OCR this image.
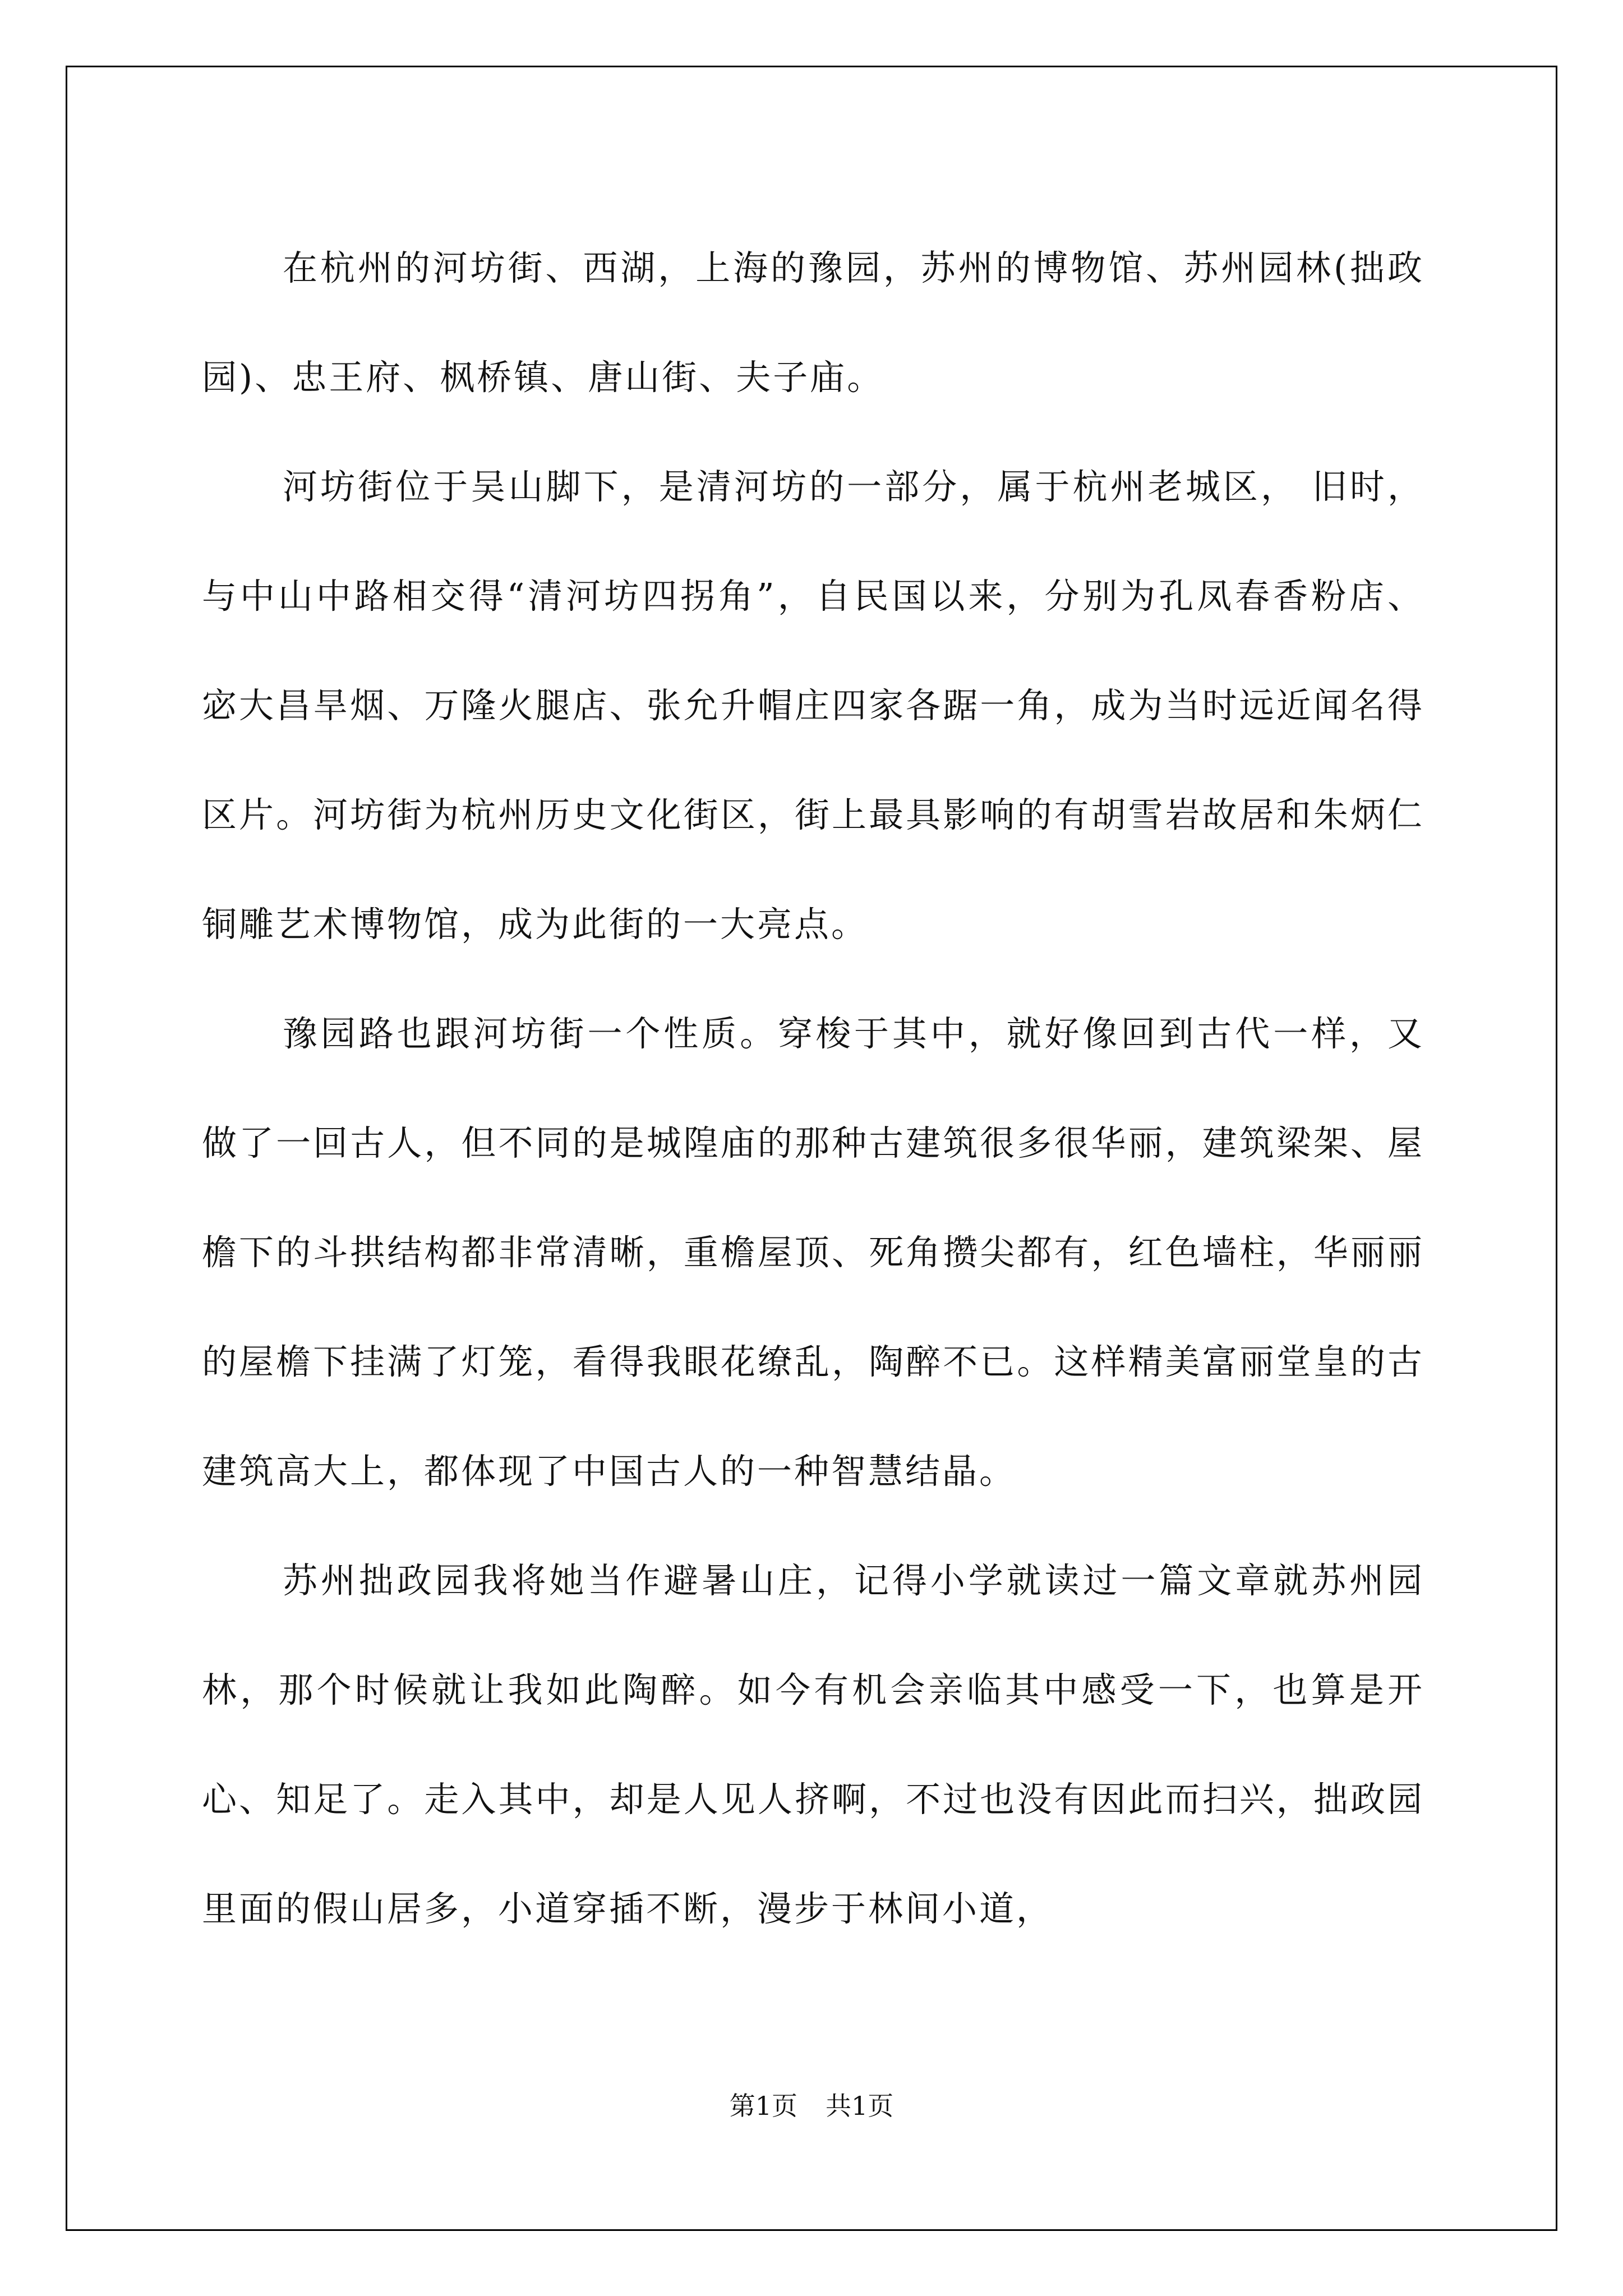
在杭州的河坊街、西湖，上海的豫园，苏州的博物馆、苏州园林(拙政园)、忠王府、枫桥镇、唐山街、夫子庙。

河坊街位于吴山脚下，是清河坊的一部分，属于杭州老城区， 旧时，与中山中路相交得“清河坊四拐角”，自民国以来，分别为孔凤春香粉店、宓大昌旱烟、万隆火腿店、张允升帽庄四家各踞一角，成为当时远近闻名得区片。河坊街为杭州历史文化街区，街上最具影响的有胡雪岩故居和朱炳仁铜雕艺术博物馆，成为此街的一大亮点。

豫园路也跟河坊街一个性质。穿梭于其中，就好像回到古代一样，又做了一回古人，但不同的是城隍庙的那种古建筑很多很华丽，建筑梁架、屋檐下的斗拱结构都非常清晰，重檐屋顶、死角攒尖都有，红色墙柱，华丽丽的屋檐下挂满了灯笼，看得我眼花缭乱，陶醉不已。这样精美富丽堂皇的古建筑高大上，都体现了中国古人的一种智慧结晶。

苏州拙政园我将她当作避暑山庄，记得小学就读过一篇文章就苏州园林，那个时候就让我如此陶醉。如今有机会亲临其中感受一下，也算是开心、知足了。走入其中，却是人见人挤啊，不过也没有因此而扫兴，拙政园里面的假山居多，小道穿插不断，漫步于林间小道，

第1页 共1页
